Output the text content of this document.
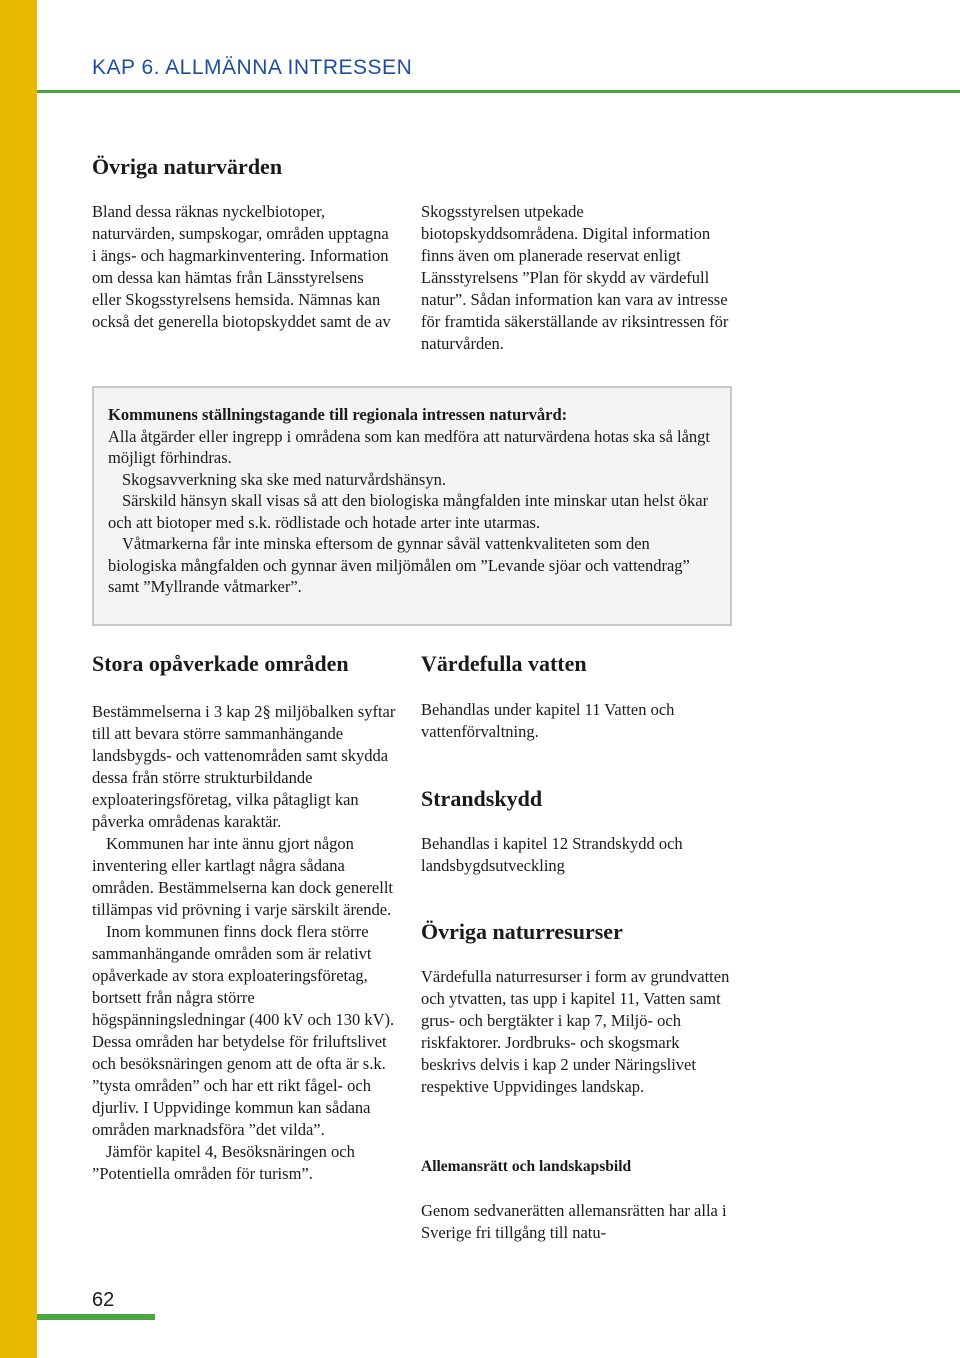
KAP 6. ALLMÄNNA INTRESSEN
Övriga naturvärden

Bland dessa räknas nyckelbiotoper, naturvärden, sumpskogar, områden upptagna i ängs- och hagmarkinventering. Information om dessa kan hämtas från Länsstyrelsens eller Skogsstyrelsens hemsida. Nämnas kan också det generella biotopskyddet samt de av

Skogsstyrelsen utpekade biotopskyddsområdena. Digital information finns även om planerade reservat enligt Länsstyrelsens ”Plan för skydd av värdefull natur”. Sådan information kan vara av intresse för framtida säkerställande av riksintressen för naturvården.

Kommunens ställningstagande till regionala intressen naturvård:

Alla åtgärder eller ingrepp i områdena som kan medföra att naturvärdena hotas ska så långt möjligt förhindras.

Skogsavverkning ska ske med naturvårdshänsyn.

Särskild hänsyn skall visas så att den biologiska mångfalden inte minskar utan helst ökar och att biotoper med s.k. rödlistade och hotade arter inte utarmas.

Våtmarkerna får inte minska eftersom de gynnar såväl vattenkvaliteten som den biologiska mångfalden och gynnar även miljömålen om ”Levande sjöar och vattendrag” samt ”Myllrande våtmarker”.

Stora opåverkade områden

Bestämmelserna i 3 kap 2§ miljöbalken syftar till att bevara större sammanhängande landsbygds- och vattenområden samt skydda dessa från större strukturbildande exploateringsföretag, vilka påtagligt kan påverka områdenas karaktär.

Kommunen har inte ännu gjort någon inventering eller kartlagt några sådana områden. Bestämmelserna kan dock generellt tillämpas vid prövning i varje särskilt ärende.

Inom kommunen finns dock flera större sammanhängande områden som är relativt opåverkade av stora exploateringsföretag, bortsett från några större högspänningsledningar (400 kV och 130 kV). Dessa områden har betydelse för friluftslivet och besöksnäringen genom att de ofta är s.k. ”tysta områden” och har ett rikt fågel- och djurliv. I Uppvidinge kommun kan sådana områden marknadsföra ”det vilda”.

Jämför kapitel 4, Besöksnäringen och ”Potentiella områden för turism”.

Värdefulla vatten

Behandlas under kapitel 11 Vatten och vattenförvaltning.

Strandskydd

Behandlas i kapitel 12 Strandskydd och landsbygdsutveckling

Övriga naturresurser

Värdefulla naturresurser i form av grundvatten och ytvatten, tas upp i kapitel 11, Vatten samt grus- och bergtäkter i kap 7, Miljö- och riskfaktorer. Jordbruks- och skogsmark beskrivs delvis i kap 2 under Näringslivet respektive Uppvidinges landskap.

Allemansrätt och landskapsbild

Genom sedvanerätten allemansrätten har alla i Sverige fri tillgång till natu-

62
